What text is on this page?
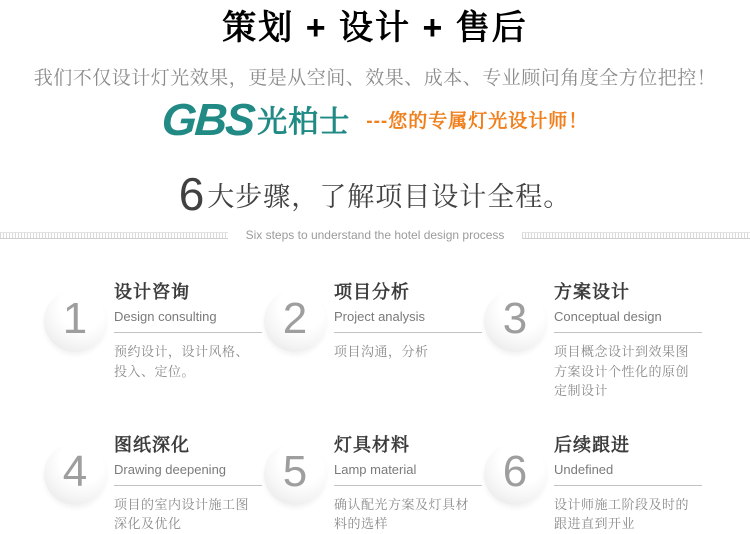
策划 + 设计 + 售后

我们不仅设计灯光效果，更是从空间、效果、成本、专业顾问角度全方位把控！

GBS 光柏士 ---您的专属灯光设计师！
6大步骤，了解项目设计全程。
Six steps to understand the hotel design process
1
设计咨询
Design consulting
预约设计，设计风格、投入、定位。
2
项目分析
Project analysis
项目沟通，分析
3
方案设计
Conceptual design
项目概念设计到效果图方案设计个性化的原创定制设计
4
图纸深化
Drawing deepening
项目的室内设计施工图深化及优化
5
灯具材料
Lamp material
确认配光方案及灯具材料的选样
6
后续跟进
Undefined
设计师施工阶段及时的跟进直到开业
